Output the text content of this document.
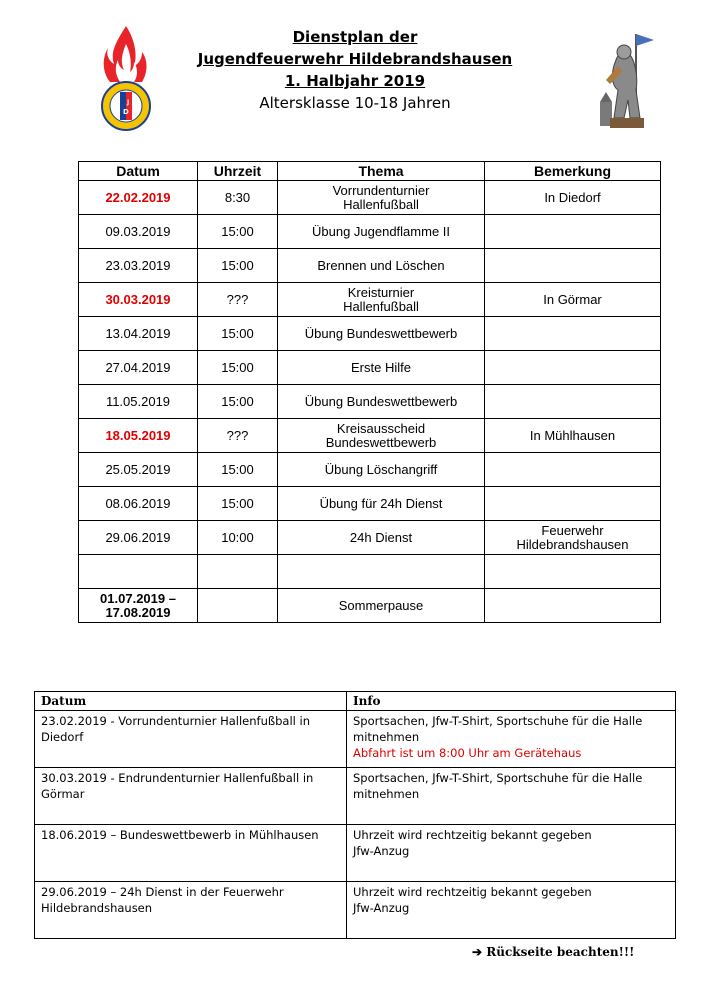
D
J
Dienstplan der
Jugendfeuerwehr Hildebrandshausen
1. Halbjahr 2019
Altersklasse 10-18 Jahren
Datum	Uhrzeit	Thema	Bemerkung
22.02.2019	8:30	Vorrundenturnier
Hallenfußball	In Diedorf
09.03.2019	15:00	Übung Jugendflamme II	
23.03.2019	15:00	Brennen und Löschen	
30.03.2019	???	Kreisturnier
Hallenfußball	In Görmar
13.04.2019	15:00	Übung Bundeswettbewerb	
27.04.2019	15:00	Erste Hilfe	
11.05.2019	15:00	Übung Bundeswettbewerb	
18.05.2019	???	Kreisausscheid
Bundeswettbewerb	In Mühlhausen
25.05.2019	15:00	Übung Löschangriff	
08.06.2019	15:00	Übung für 24h Dienst	
29.06.2019	10:00	24h Dienst	Feuerwehr
Hildebrandshausen

01.07.2019 –
17.08.2019		Sommerpause	
Datum	Info
23.02.2019 - Vorrundenturnier Hallenfußball in Diedorf	Sportsachen, Jfw-T-Shirt, Sportschuhe für die Halle mitnehmen
Abfahrt ist um 8:00 Uhr am Gerätehaus

30.03.2019 - Endrundenturnier Hallenfußball in Görmar	Sportsachen, Jfw-T-Shirt, Sportschuhe für die Halle mitnehmen

18.06.2019 – Bundeswettbewerb in Mühlhausen	Uhrzeit wird rechtzeitig bekannt gegeben
Jfw-Anzug

29.06.2019 – 24h Dienst in der Feuerwehr Hildebrandshausen	Uhrzeit wird rechtzeitig bekannt gegeben
Jfw-Anzug
➔ Rückseite beachten!!!
